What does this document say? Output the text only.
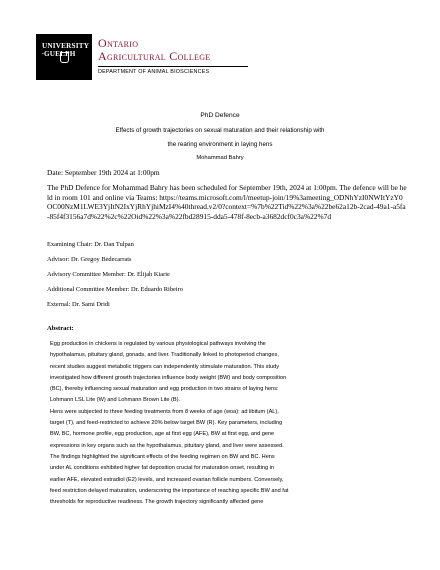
UNIVERSITY
∙GUELPH
Ontario
Agricultural College
DEPARTMENT OF ANIMAL BIOSCIENCES
PhD Defence
Effects of growth trajectories on sexual maturation and their relationship with
the rearing environment in laying hens
Mohammad Bahry
Date: September 19th 2024 at 1:00pm
The PhD Defence for Mohammad Bahry has been scheduled for September 19th, 2024 at 1:00pm. The defence will be held in room 101 and online via Teams: https://teams.microsoft.com/l/meetup-join/19%3ameeting_ODNhYzI0NWItYzY0OC00NzM1LWE3YjItN2IxYjRhYjhiMzI4%40thread.v2/0?context=%7b%22Tid%22%3a%22be62a12b-2cad-49a1-a5fa-85f4f3156a7d%22%2c%22Oid%22%3a%22fbd28915-dda5-478f-8ecb-a3682dcf0c3a%22%7d
Examining Chair: Dr. Dan Tulpan
Advisor: Dr. Gregoy Bedecarrats
Advisory Committee Member: Dr. Elijah Kiarie
Additional Committee Member: Dr. Eduardo Ribeiro
External: Dr. Sami Dridi
Abstract:
Egg production in chickens is regulated by various physiological pathways involving the
hypothalamus, pituitary gland, gonads, and liver. Traditionally linked to photoperiod changes,
recent studies suggest metabolic triggers can independently stimulate maturation. This study
investigated how different growth trajectories influence body weight (BW) and body composition
(BC), thereby influencing sexual maturation and egg production in two strains of laying hens:
Lohmann LSL Lite (W) and Lohmann Brown Lite (B).
Hens were subjected to three feeding treatments from 8 weeks of age (woa): ad libitum (AL),
target (T), and feed-restricted to achieve 20% below target BW (R). Key parameters, including
BW, BC, hormone profile, egg production, age at first egg (AFE), BW at first egg, and gene
expressions in key organs such as the hypothalamus, pituitary gland, and liver were assessed.
The findings highlighted the significant effects of the feeding regimen on BW and BC. Hens
under AL conditions exhibited higher fat deposition crucial for maturation onset, resulting in
earlier AFE, elevated estradiol (E2) levels, and increased ovarian follicle numbers. Conversely,
feed restriction delayed maturation, underscoring the importance of reaching specific BW and fat
thresholds for reproductive readiness. The growth trajectory significantly affected gene
